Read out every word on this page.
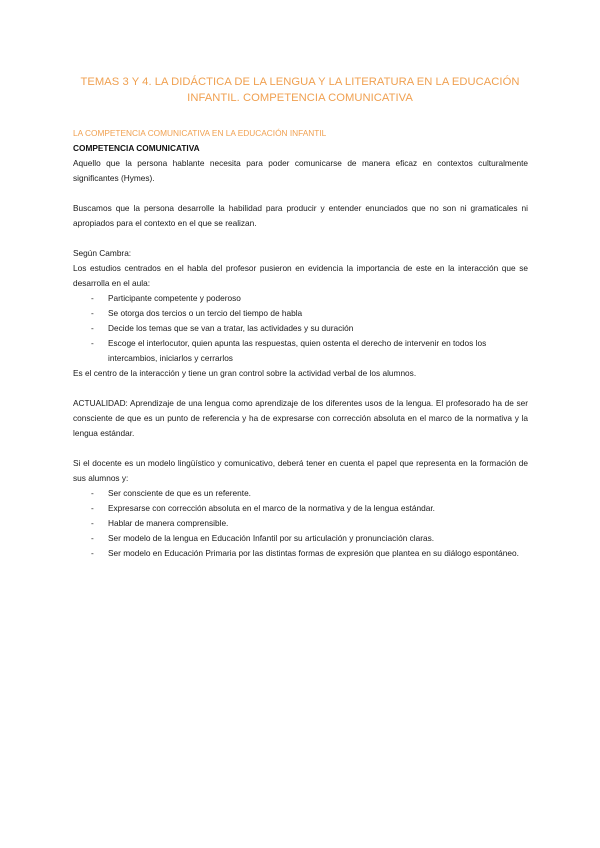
TEMAS 3 Y 4. LA DIDÁCTICA DE LA LENGUA Y LA LITERATURA EN LA EDUCACIÓN INFANTIL. COMPETENCIA COMUNICATIVA
LA COMPETENCIA COMUNICATIVA EN LA EDUCACIÓN INFANTIL
COMPETENCIA COMUNICATIVA

Aquello que la persona hablante necesita para poder comunicarse de manera eficaz en contextos culturalmente significantes (Hymes).

Buscamos que la persona desarrolle la habilidad para producir y entender enunciados que no son ni gramaticales ni apropiados para el contexto en el que se realizan.

Según Cambra:

Los estudios centrados en el habla del profesor pusieron en evidencia la importancia de este en la interacción que se desarrolla en el aula:

- Participante competente y poderoso
- Se otorga dos tercios o un tercio del tiempo de habla
- Decide los temas que se van a tratar, las actividades y su duración
- Escoge el interlocutor, quien apunta las respuestas, quien ostenta el derecho de intervenir en todos los intercambios, iniciarlos y cerrarlos

Es el centro de la interacción y tiene un gran control sobre la actividad verbal de los alumnos.

ACTUALIDAD: Aprendizaje de una lengua como aprendizaje de los diferentes usos de la lengua. El profesorado ha de ser consciente de que es un punto de referencia y ha de expresarse con corrección absoluta en el marco de la normativa y la lengua estándar.

Si el docente es un modelo lingüístico y comunicativo, deberá tener en cuenta el papel que representa en la formación de sus alumnos y:

- Ser consciente de que es un referente.
- Expresarse con corrección absoluta en el marco de la normativa y de la lengua estándar.
- Hablar de manera comprensible.
- Ser modelo de la lengua en Educación Infantil por su articulación y pronunciación claras.
- Ser modelo en Educación Primaria por las distintas formas de expresión que plantea en su diálogo espontáneo.
